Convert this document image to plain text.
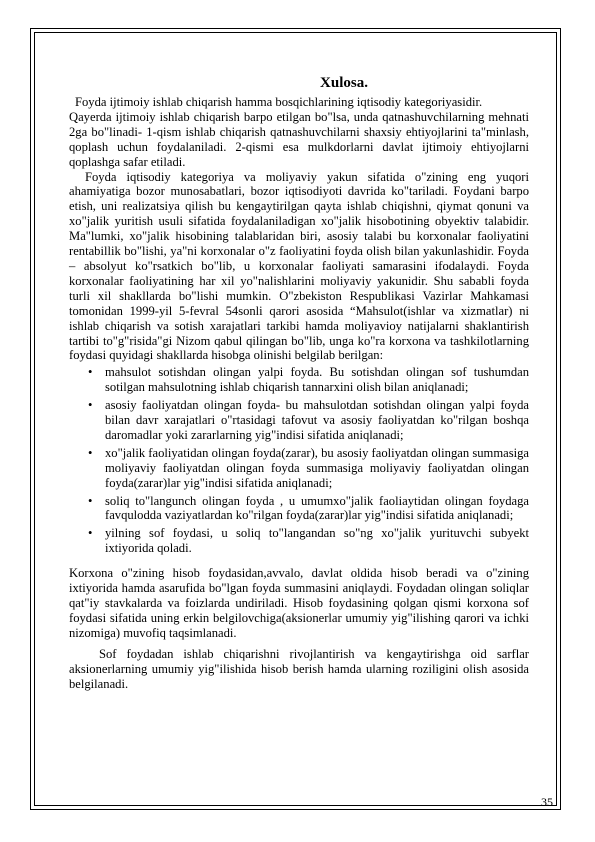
Xulosa.

Foyda ijtimoiy ishlab chiqarish hamma bosqichlarining iqtisodiy kategoriyasidir.

Qayerda ijtimoiy ishlab chiqarish barpo etilgan bo"lsa, unda qatnashuvchilarning mehnati 2ga bo"linadi- 1-qism ishlab chiqarish qatnashuvchilarni shaxsiy ehtiyojlarini ta"minlash, qoplash uchun foydalaniladi. 2-qismi esa mulkdorlarni davlat ijtimoiy ehtiyojlarni qoplashga safar etiladi.

Foyda iqtisodiy kategoriya va moliyaviy yakun sifatida o"zining eng yuqori ahamiyatiga bozor munosabatlari, bozor iqtisodiyoti davrida ko"tariladi. Foydani barpo etish, uni realizatsiya qilish bu kengaytirilgan qayta ishlab chiqishni, qiymat qonuni va xo"jalik yuritish usuli sifatida foydalaniladigan xo"jalik hisobotining obyektiv talabidir. Ma"lumki, xo"jalik hisobining talablaridan biri, asosiy talabi bu korxonalar faoliyatini rentabillik bo"lishi, ya"ni korxonalar o"z faoliyatini foyda olish bilan yakunlashidir. Foyda – absolyut ko"rsatkich bo"lib, u korxonalar faoliyati samarasini ifodalaydi. Foyda korxonalar faoliyatining har xil yo"nalishlarini moliyaviy yakunidir. Shu sababli foyda turli xil shakllarda bo"lishi mumkin. O"zbekiston Respublikasi Vazirlar Mahkamasi tomonidan 1999-yil 5-fevral 54sonli qarori asosida “Mahsulot(ishlar va xizmatlar) ni ishlab chiqarish va sotish xarajatlari tarkibi hamda moliyavioy natijalarni shaklantirish tartibi to"g"risida"gi Nizom qabul qilingan bo"lib, unga ko"ra korxona va tashkilotlarning foydasi quyidagi shakllarda hisobga olinishi belgilab berilgan:

• mahsulot sotishdan olingan yalpi foyda. Bu sotishdan olingan sof tushumdan sotilgan mahsulotning ishlab chiqarish tannarxini olish bilan aniqlanadi;
• asosiy faoliyatdan olingan foyda- bu mahsulotdan sotishdan olingan yalpi foyda bilan davr xarajatlari o"rtasidagi tafovut va asosiy faoliyatdan ko"rilgan boshqa daromadlar yoki zararlarning yig"indisi sifatida aniqlanadi;
• xo"jalik faoliyatidan olingan foyda(zarar), bu asosiy faoliyatdan olingan summasiga moliyaviy faoliyatdan olingan foyda summasiga moliyaviy faoliyatdan olingan foyda(zarar)lar yig"indisi sifatida aniqlanadi;
• soliq to"langunch olingan foyda , u umumxo"jalik faoliaytidan olingan foydaga favqulodda vaziyatlardan ko"rilgan foyda(zarar)lar yig"indisi sifatida aniqlanadi;
• yilning sof foydasi, u soliq to"langandan so"ng xo"jalik yurituvchi subyekt ixtiyorida qoladi.

Korxona o"zining hisob foydasidan,avvalo, davlat oldida hisob beradi va o"zining ixtiyorida hamda asarufida bo"lgan foyda summasini aniqlaydi. Foydadan olingan soliqlar qat"iy stavkalarda va foizlarda undiriladi. Hisob foydasining qolgan qismi korxona sof foydasi sifatida uning erkin belgilovchiga(aksionerlar umumiy yig"ilishing qarori va ichki nizomiga) muvofiq taqsimlanadi.

Sof foydadan ishlab chiqarishni rivojlantirish va kengaytirishga oid sarflar aksionerlarning umumiy yig"ilishida hisob berish hamda ularning roziligini olish asosida belgilanadi.

35
